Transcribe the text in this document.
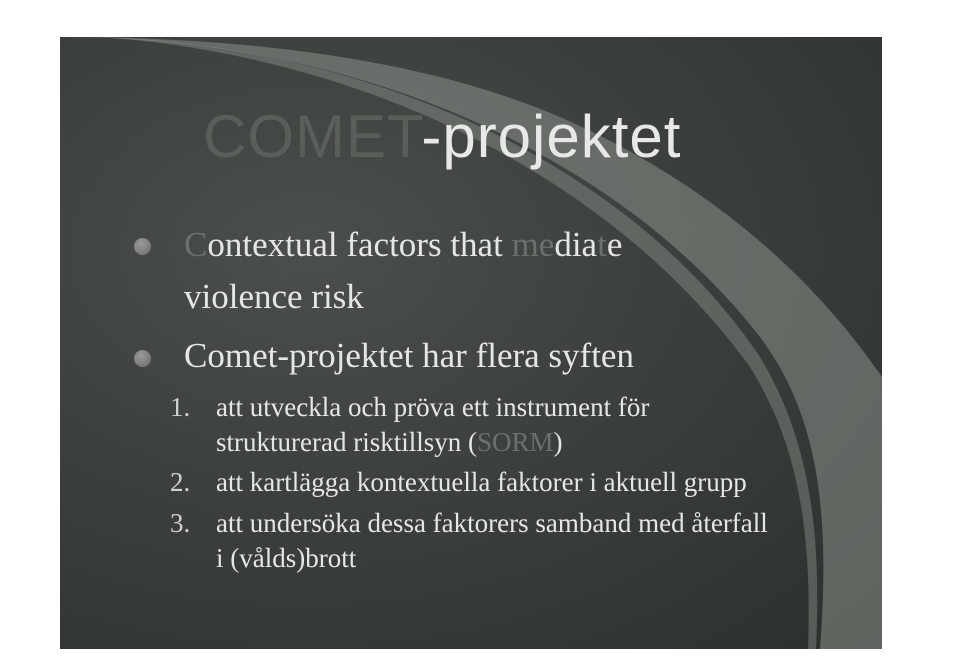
COMET-projektet
Contextual factors that mediate
violence risk
Comet-projektet har flera syften
1. att utveckla och pröva ett instrument för
strukturerad risktillsyn (SORM)
2. att kartlägga kontextuella faktorer i aktuell grupp
3. att undersöka dessa faktorers samband med återfall
i (vålds)brott
